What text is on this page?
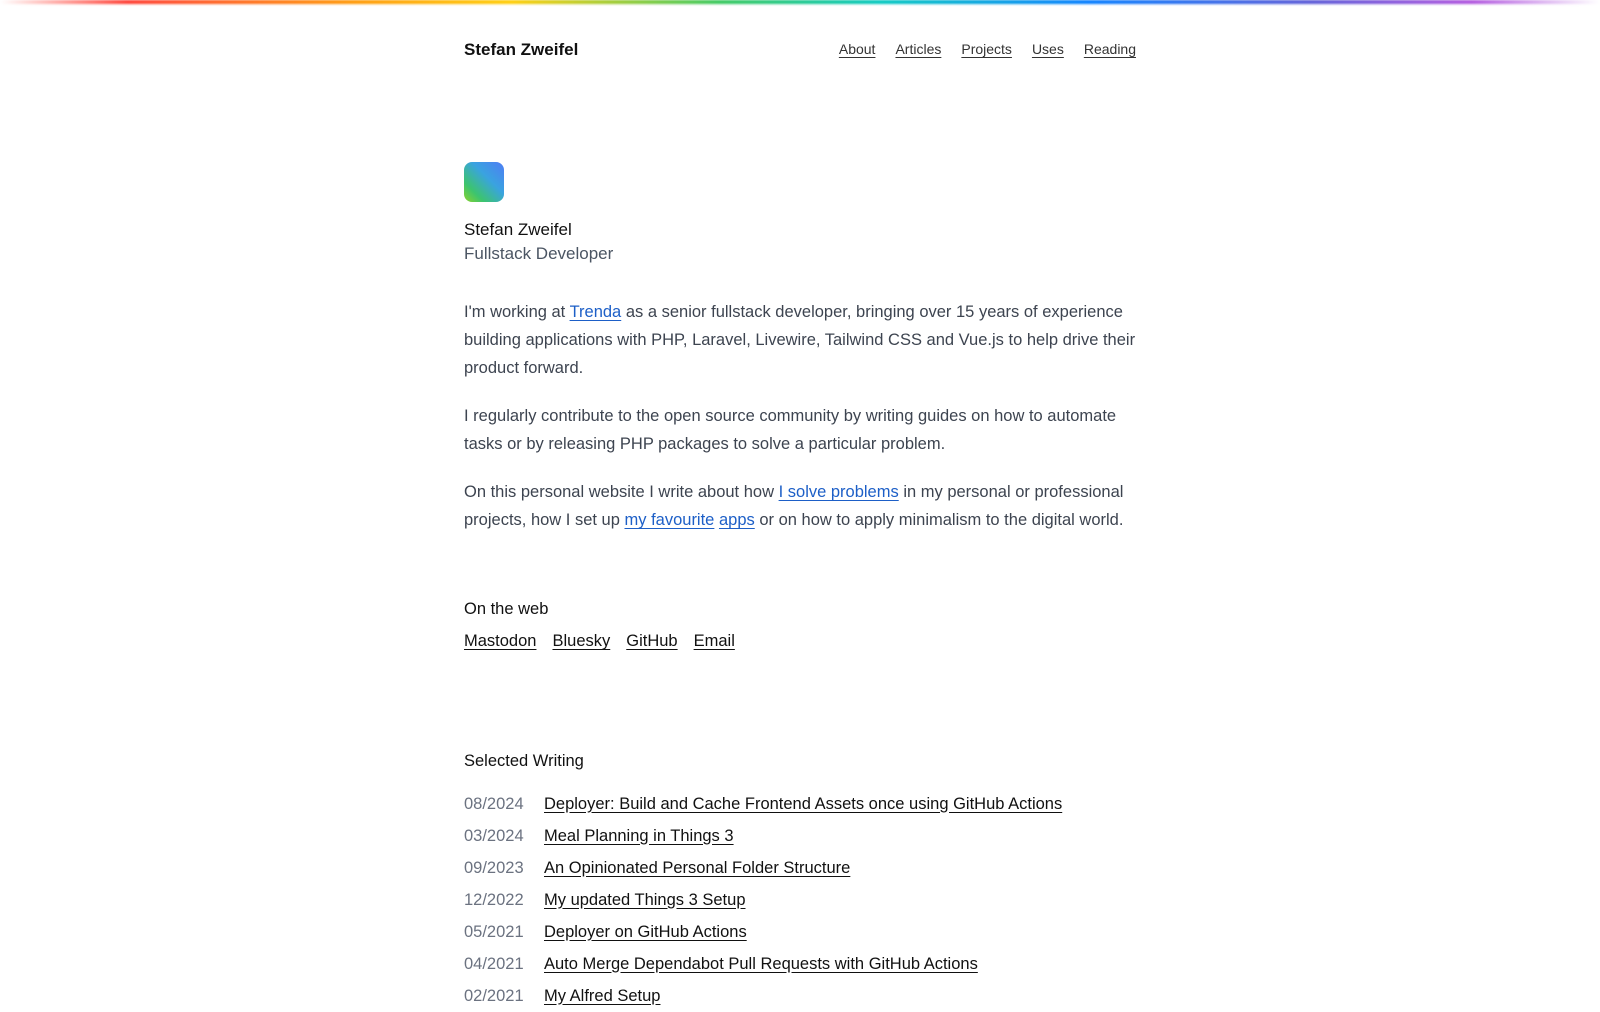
Stefan Zweifel	About Articles Projects Uses Reading
Stefan Zweifel
Fullstack Developer

I'm working at Trenda as a senior fullstack developer, bringing over 15 years of experience building applications with PHP, Laravel, Livewire, Tailwind CSS and Vue.js to help drive their product forward.

I regularly contribute to the open source community by writing guides on how to automate tasks or by releasing PHP packages to solve a particular problem.

On this personal website I write about how I solve problems in my personal or professional projects, how I set up my favourite apps or on how to apply minimalism to the digital world.

On the web
Mastodon Bluesky GitHub Email
Selected Writing
08/2024	Deployer: Build and Cache Frontend Assets once using GitHub Actions
03/2024	Meal Planning in Things 3
09/2023	An Opinionated Personal Folder Structure
12/2022	My updated Things 3 Setup
05/2021	Deployer on GitHub Actions
04/2021	Auto Merge Dependabot Pull Requests with GitHub Actions
02/2021	My Alfred Setup
